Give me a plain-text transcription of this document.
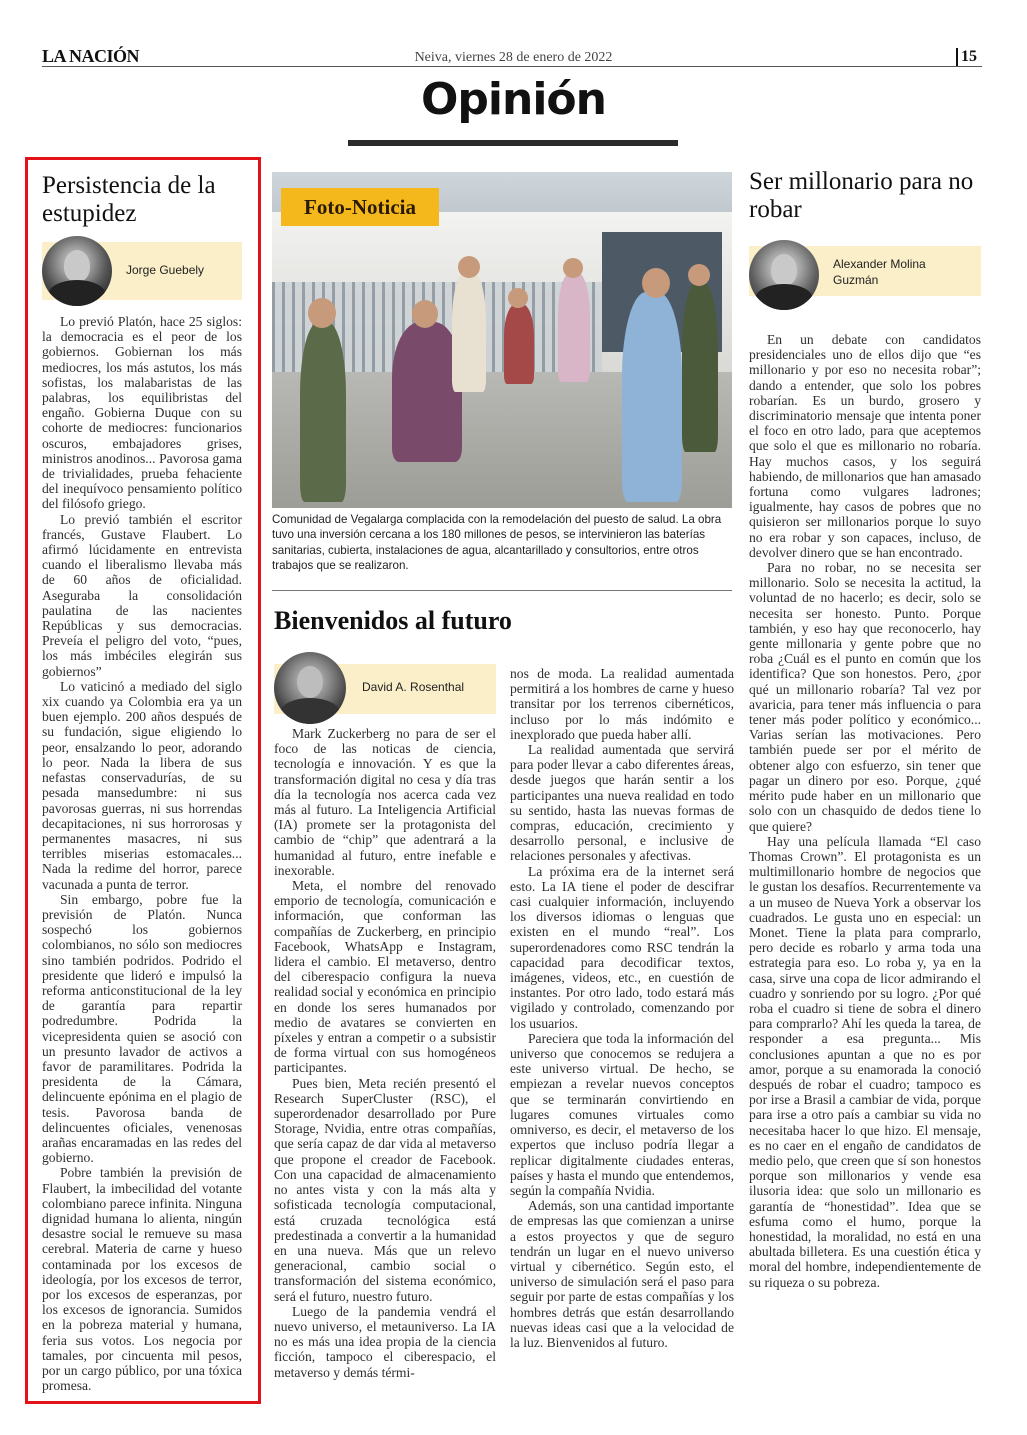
LA NACIÓN	Neiva, viernes 28 de enero de 2022	15
Opinión
Persistencia de la estupidez
Jorge Guebely

Lo previó Platón, hace 25 siglos: la democracia es el peor de los gobiernos. Gobiernan los más mediocres, los más astutos, los más sofistas, los malabaristas de las palabras, los equilibristas del engaño. Gobierna Duque con su cohorte de mediocres: funcionarios oscuros, embajadores grises, ministros anodinos... Pavorosa gama de trivialidades, prueba fehaciente del inequívoco pensamiento político del filósofo griego.

Lo previó también el escritor francés, Gustave Flaubert. Lo afirmó lúcidamente en entrevista cuando el liberalismo llevaba más de 60 años de oficialidad. Aseguraba la consolidación paulatina de las nacientes Repúblicas y sus democracias. Preveía el peligro del voto, “pues, los más imbéciles elegirán sus gobiernos”

Lo vaticinó a mediado del siglo xix cuando ya Colombia era ya un buen ejemplo. 200 años después de su fundación, sigue eligiendo lo peor, ensalzando lo peor, adorando lo peor. Nada la libera de sus nefastas conservadurías, de su pesada mansedumbre: ni sus pavorosas guerras, ni sus horrendas decapitaciones, ni sus horrorosas y permanentes masacres, ni sus terribles miserias estomacales... Nada la redime del horror, parece vacunada a punta de terror.

Sin embargo, pobre fue la previsión de Platón. Nunca sospechó los gobiernos colombianos, no sólo son mediocres sino también podridos. Podrido el presidente que lideró e impulsó la reforma anticonstitucional de la ley de garantía para repartir podredumbre. Podrida la vicepresidenta quien se asoció con un presunto lavador de activos a favor de paramilitares. Podrida la presidenta de la Cámara, delincuente epónima en el plagio de tesis. Pavorosa banda de delincuentes oficiales, venenosas arañas encaramadas en las redes del gobierno.

Pobre también la previsión de Flaubert, la imbecilidad del votante colombiano parece infinita. Ninguna dignidad humana lo alienta, ningún desastre social le remueve su masa cerebral. Materia de carne y hueso contaminada por los excesos de ideología, por los excesos de terror, por los excesos de esperanzas, por los excesos de ignorancia. Sumidos en la pobreza material y humana, feria sus votos. Los negocia por tamales, por cincuenta mil pesos, por un cargo público, por una tóxica promesa.

Foto-Noticia
Comunidad de Vegalarga complacida con la remodelación del puesto de salud. La obra tuvo una inversión cercana a los 180 millones de pesos, se intervinieron las baterías sanitarias, cubierta, instalaciones de agua, alcantarillado y consultorios, entre otros trabajos que se realizaron.
Bienvenidos al futuro
David A. Rosenthal

Mark Zuckerberg no para de ser el foco de las noticas de ciencia, tecnología e innovación. Y es que la transformación digital no cesa y día tras día la tecnología nos acerca cada vez más al futuro. La Inteligencia Artificial (IA) promete ser la protagonista del cambio de “chip” que adentrará a la humanidad al futuro, entre inefable e inexorable.

Meta, el nombre del renovado emporio de tecnología, comunicación e información, que conforman las compañías de Zuckerberg, en principio Facebook, WhatsApp e Instagram, lidera el cambio. El metaverso, dentro del ciberespacio configura la nueva realidad social y económica en principio en donde los seres humanados por medio de avatares se convierten en píxeles y entran a competir o a subsistir de forma virtual con sus homogéneos participantes.

Pues bien, Meta recién presentó el Research SuperCluster (RSC), el superordenador desarrollado por Pure Storage, Nvidia, entre otras compañías, que sería capaz de dar vida al metaverso que propone el creador de Facebook. Con una capacidad de almacenamiento no antes vista y con la más alta y sofisticada tecnología computacional, está cruzada tecnológica está predestinada a convertir a la humanidad en una nueva. Más que un relevo generacional, cambio social o transformación del sistema económico, será el futuro, nuestro futuro.

Luego de la pandemia vendrá el nuevo universo, el metauniverso. La IA no es más una idea propia de la ciencia ficción, tampoco el ciberespacio, el metaverso y demás térmi-

nos de moda. La realidad aumentada permitirá a los hombres de carne y hueso transitar por los terrenos cibernéticos, incluso por lo más indómito e inexplorado que pueda haber allí.

La realidad aumentada que servirá para poder llevar a cabo diferentes áreas, desde juegos que harán sentir a los participantes una nueva realidad en todo su sentido, hasta las nuevas formas de compras, educación, crecimiento y desarrollo personal, e inclusive de relaciones personales y afectivas.

La próxima era de la internet será esto. La IA tiene el poder de descifrar casi cualquier información, incluyendo los diversos idiomas o lenguas que existen en el mundo “real”. Los superordenadores como RSC tendrán la capacidad para decodificar textos, imágenes, videos, etc., en cuestión de instantes. Por otro lado, todo estará más vigilado y controlado, comenzando por los usuarios.

Pareciera que toda la información del universo que conocemos se redujera a este universo virtual. De hecho, se empiezan a revelar nuevos conceptos que se terminarán convirtiendo en lugares comunes virtuales como omniverso, es decir, el metaverso de los expertos que incluso podría llegar a replicar digitalmente ciudades enteras, países y hasta el mundo que entendemos, según la compañía Nvidia.

Además, son una cantidad importante de empresas las que comienzan a unirse a estos proyectos y que de seguro tendrán un lugar en el nuevo universo virtual y cibernético. Según esto, el universo de simulación será el paso para seguir por parte de estas compañías y los hombres detrás que están desarrollando nuevas ideas casi que a la velocidad de la luz. Bienvenidos al futuro.

Ser millonario para no robar
Alexander Molina Guzmán

En un debate con candidatos presidenciales uno de ellos dijo que “es millonario y por eso no necesita robar”; dando a entender, que solo los pobres robarían. Es un burdo, grosero y discriminatorio mensaje que intenta poner el foco en otro lado, para que aceptemos que solo el que es millonario no robaría. Hay muchos casos, y los seguirá habiendo, de millonarios que han amasado fortuna como vulgares ladrones; igualmente, hay casos de pobres que no quisieron ser millonarios porque lo suyo no era robar y son capaces, incluso, de devolver dinero que se han encontrado.

Para no robar, no se necesita ser millonario. Solo se necesita la actitud, la voluntad de no hacerlo; es decir, solo se necesita ser honesto. Punto. Porque también, y eso hay que reconocerlo, hay gente millonaria y gente pobre que no roba ¿Cuál es el punto en común que los identifica? Que son honestos. Pero, ¿por qué un millonario robaría? Tal vez por avaricia, para tener más influencia o para tener más poder político y económico... Varias serían las motivaciones. Pero también puede ser por el mérito de obtener algo con esfuerzo, sin tener que pagar un dinero por eso. Porque, ¿qué mérito pude haber en un millonario que solo con un chasquido de dedos tiene lo que quiere?

Hay una película llamada “El caso Thomas Crown”. El protagonista es un multimillonario hombre de negocios que le gustan los desafíos. Recurrentemente va a un museo de Nueva York a observar los cuadrados. Le gusta uno en especial: un Monet. Tiene la plata para comprarlo, pero decide es robarlo y arma toda una estrategia para eso. Lo roba y, ya en la casa, sirve una copa de licor admirando el cuadro y sonriendo por su logro. ¿Por qué roba el cuadro si tiene de sobra el dinero para comprarlo? Ahí les queda la tarea, de responder a esa pregunta... Mis conclusiones apuntan a que no es por amor, porque a su enamorada la conoció después de robar el cuadro; tampoco es por irse a Brasil a cambiar de vida, porque para irse a otro país a cambiar su vida no necesitaba hacer lo que hizo. El mensaje, es no caer en el engaño de candidatos de medio pelo, que creen que sí son honestos porque son millonarios y vende esa ilusoria idea: que solo un millonario es garantía de “honestidad”. Idea que se esfuma como el humo, porque la honestidad, la moralidad, no está en una abultada billetera. Es una cuestión ética y moral del hombre, independientemente de su riqueza o su pobreza.
